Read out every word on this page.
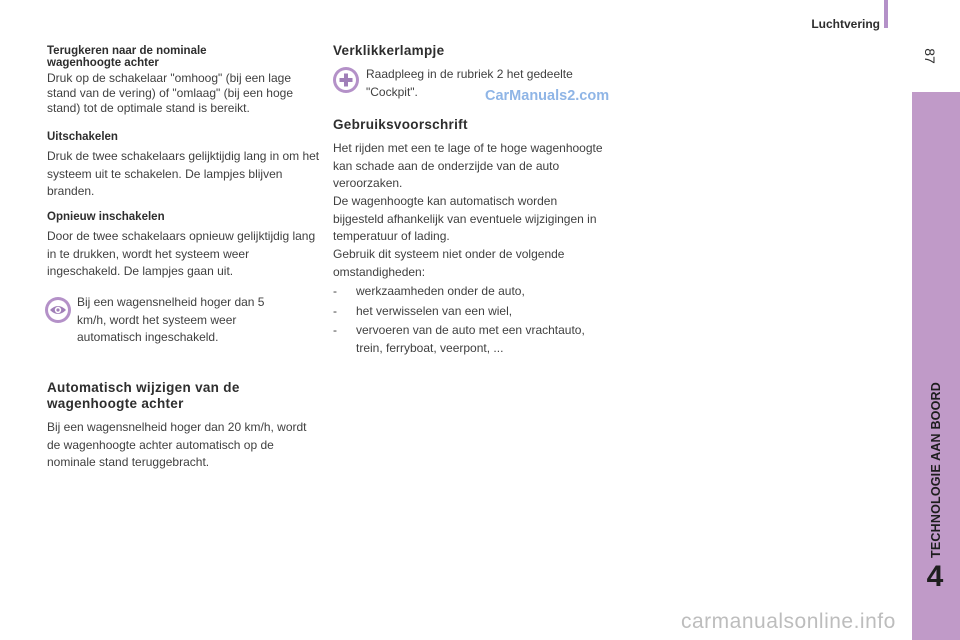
Luchtvering
87
TECHNOLOGIE AAN BOORD
4
Terugkeren naar de nominale wagenhoogte achter
Druk op de schakelaar "omhoog" (bij een lage stand van de vering) of "omlaag" (bij een hoge stand) tot de optimale stand is bereikt.
Uitschakelen
Druk de twee schakelaars gelijktijdig lang in om het systeem uit te schakelen. De lampjes blijven branden.
Opnieuw inschakelen
Door de twee schakelaars opnieuw gelijktijdig lang in te drukken, wordt het systeem weer ingeschakeld. De lampjes gaan uit.
Bij een wagensnelheid hoger dan 5 km/h, wordt het systeem weer automatisch ingeschakeld.
Automatisch wijzigen van de wagenhoogte achter
Bij een wagensnelheid hoger dan 20 km/h, wordt de wagenhoogte achter automatisch op de nominale stand teruggebracht.
Verklikkerlampje
Raadpleeg in de rubriek 2 het gedeelte "Cockpit".	CarManuals2.com
Gebruiksvoorschrift
Het rijden met een te lage of te hoge wagenhoogte kan schade aan de onderzijde van de auto veroorzaken.
De wagenhoogte kan automatisch worden bijgesteld afhankelijk van eventuele wijzigingen in temperatuur of lading.
Gebruik dit systeem niet onder de volgende omstandigheden:
- werkzaamheden onder de auto,
- het verwisselen van een wiel,
- vervoeren van de auto met een vrachtauto, trein, ferryboat, veerpont, ...
carmanualsonline.info
